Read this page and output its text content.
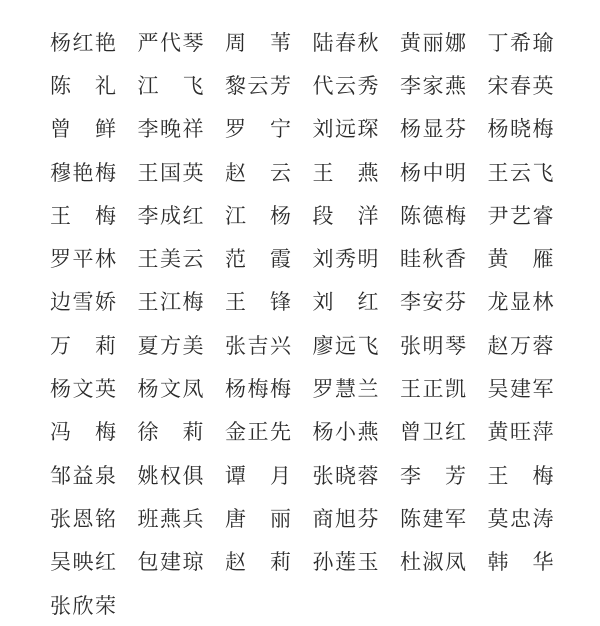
杨 红 艳 严 代 琴 周 苇 陆 春 秋 黄 丽 娜 丁 希 瑜
陈 礼 江 飞 黎 云 芳 代 云 秀 李 家 燕 宋 春 英
曾 鲜 李 晚 祥 罗 宁 刘 远 琛 杨 显 芬 杨 晓 梅
穆 艳 梅 王 国 英 赵 云 王 燕 杨 中 明 王 云 飞
王 梅 李 成 红 江 杨 段 洋 陈 德 梅 尹 艺 睿
罗 平 林 王 美 云 范 霞 刘 秀 明 眭 秋 香 黄 雁
边 雪 娇 王 江 梅 王 锋 刘 红 李 安 芬 龙 显 林
万 莉 夏 方 美 张 吉 兴 廖 远 飞 张 明 琴 赵 万 蓉
杨 文 英 杨 文 凤 杨 梅 梅 罗 慧 兰 王 正 凯 吴 建 军
冯 梅 徐 莉 金 正 先 杨 小 燕 曾 卫 红 黄 旺 萍
邹 益 泉 姚 权 俱 谭 月 张 晓 蓉 李 芳 王 梅
张 恩 铭 班 燕 兵 唐 丽 商 旭 芬 陈 建 军 莫 忠 涛
吴 映 红 包 建 琼 赵 莉 孙 莲 玉 杜 淑 凤 韩 华
张 欣 荣
